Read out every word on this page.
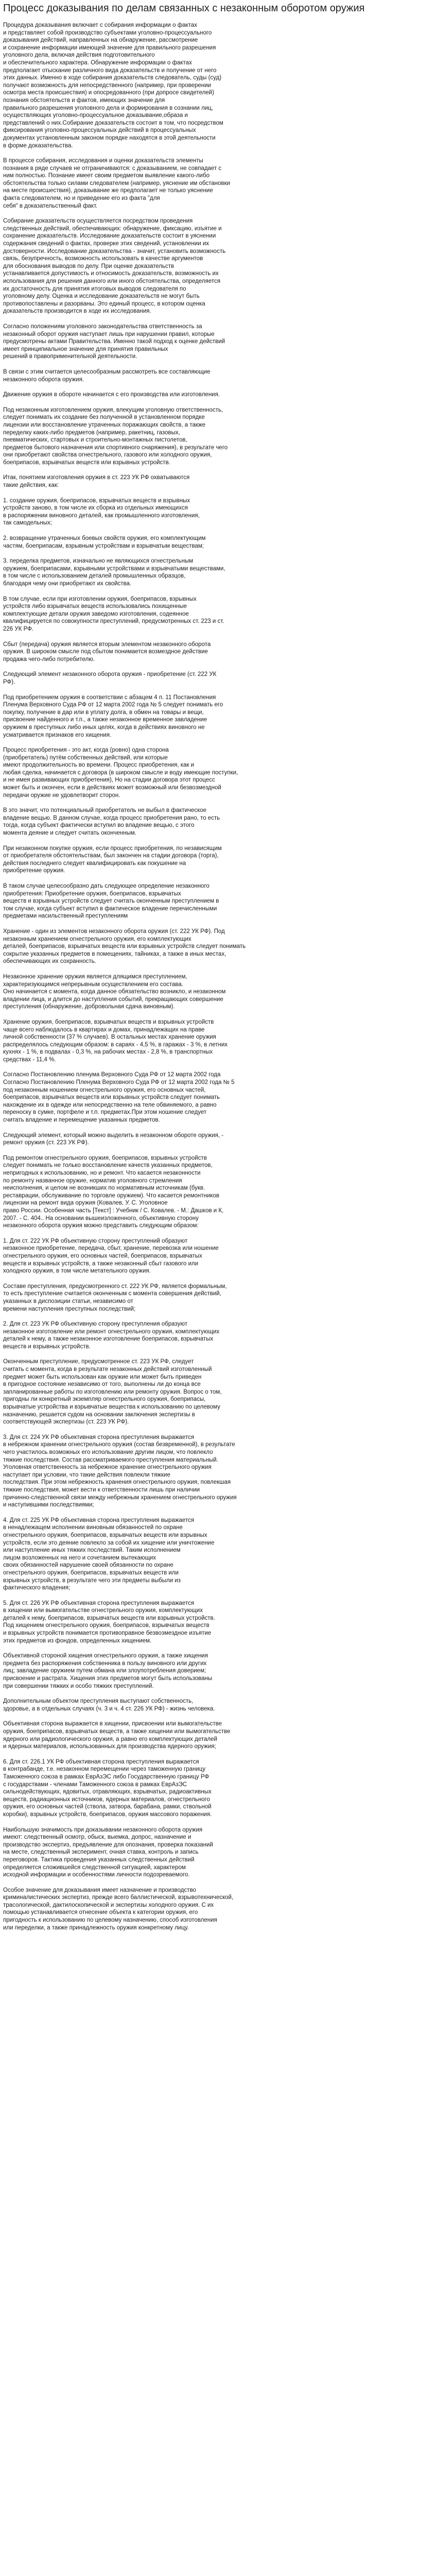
Процесс доказывания по делам связанных с незаконным оборотом оружия

Процедура доказывания включает с собирания информации о фактах
и представляет собой производство субъектами уголовно-процессуального
доказывания действий, направленных на обнаружение, рассмотрение
и сохранение информации имеющей значение для правильного разрешения
уголовного дела, включая действия подготовительного
и обеспечительного характера. Обнаружение информации о фактах
предполагает отыскание различного вида доказательств и получение от него
этих данных. Именно в ходе собирания доказательств следователь, суды (суд)
получают возможность для непосредственного (например, при проверении
осмотра места происшествия) и опосредованного (при допросе свидетелей)
познания обстоятельств и фактов, имеющих значение для
правильного разрешения уголовного дела и формирования в сознании лиц,
осуществляющих уголовно-процессуальное доказывание,образа и
представлений о них.Собирание доказательств состоит в том, что посредством
фиксирования уголовно-процессуальных действий в процессуальных
документах установленным законом порядке находятся в этой деятельности
в форме доказательства.

В процессе собирания, исследования и оценки доказательств элементы
познания в ряде случаев не отграничиваются: с доказыванием, не совпадает с
ним полностью. Познание имеет своим предметом выявление какого-либо
обстоятельства только силами следователем (например, уяснение им обстановки
на месте происшествия), доказывание же предполагает не только уяснение
факта следователем, но и приведение его из факта "для
себя" в доказательственный факт.

Собирание доказательств осуществляется посредством проведения
следственных действий, обеспечивающих: обнаружение, фиксацию, изъятие и
сохранение доказательств. Исследование доказательств состоит в уяснении
содержания сведений о фактах, проверке этих сведений, установлении их
достоверности. Исследование доказательства - значит, установить возможность
связь, безупречность, возможность использовать в качестве аргументов
для обоснования выводов по делу. При оценке доказательств
устанавливается допустимость и относимость доказательств, возможность их
использования для решения данного или иного обстоятельства, определяется
их достаточность для принятия итоговых выводов следователя по
уголовному делу. Оценка и исследование доказательств не могут быть
противопоставлены и разорваны. Это единый процесс, в котором оценка
доказательств производится в ходе их исследования.

Согласно положениям уголовного законодательства ответственность за
незаконный оборот оружия наступает лишь при нарушении правил, которые
предусмотрены актами Правительства. Именно такой подход к оценке действий
имеет принципиальное значение для принятия правильных
решений в правоприменительной деятельности.

В связи с этим считается целесообразным рассмотреть все составляющие
незаконного оборота оружия.

Движение оружия в обороте начинается с его производства или изготовления.

Под незаконным изготовлением оружия, влекущим уголовную ответственность,
следует понимать их создание без полученной в установленном порядке
лицензии или восстановление утраченных поражающих свойств, а также
переделку каких-либо предметов (например, ракетниц, газовых,
пневматических, стартовых и строительно-монтажных пистолетов,
предметов бытового назначения или спортивного снаряжения), в результате чего
они приобретают свойства огнестрельного, газового или холодного оружия,
боеприпасов, взрывчатых веществ или взрывных устройств.

Итак, понятием изготовления оружия в ст. 223 УК РФ охватываются
такие действия, как:

1. создание оружия, боеприпасов, взрывчатых веществ и взрывных
устройств заново, в том числе их сборка из отдельных имеющихся
в распоряжении виновного деталей, как промышленного изготовления,
так самодельных;

2. возвращение утраченных боевых свойств оружия, его комплектующим
частям, боеприпасам, взрывным устройствам и взрывчатым веществам;

3. переделка предметов, изначально не являющихся огнестрельным
оружием, боеприпасами, взрывными устройствами и взрывчатыми веществами,
в том числе с использованием деталей промышленных образцов,
благодаря чему они приобретают их свойства.

В том случае, если при изготовлении оружия, боеприпасов, взрывных
устройств либо взрывчатых веществ использовались похищенные
комплектующие детали оружия заведомо изготовления, содеянное
квалифицируется по совокупности преступлений, предусмотренных ст. 223 и ст.
226 УК РФ.

Сбыт (передача) оружия является вторым элементом незаконного оборота
оружия. В широком смысле под сбытом понимается возмездное действие
продажа чего-либо потребителю.

Следующий элемент незаконного оборота оружия - приобретение (ст. 222 УК
РФ).

Под приобретением оружия в соответствии с абзацем 4 п. 11 Постановления
Пленума Верховного Суда РФ от 12 марта 2002 года № 5 следует понимать его
покупку, получение в дар или в уплату долга, в обмен на товары и вещи,
присвоение найденного и т.п., а также незаконное временное завладение
оружием в преступных либо иных целях, когда в действиях виновного не
усматривается признаков его хищения.

Процесс приобретения - это акт, когда (ровно) одна сторона
(приобретатель) путём собственных действий, или которые
имеют продолжительность во времени. Процесс приобретения, как и
любая сделка, начинается с договора (в широком смысле и воду имеющие поступки,
и не имея развивающих приобретения), Но на стадии договора этот процесс
может быть и окончен, если в действиях может возможный или безвозмездной
передачи оружие не удовлетворит сторон.

В это значит, что потенциальный приобретатель не выбыл в фактическое
владение вещью. В данном случае, когда процесс приобретения рано, то есть
тогда, когда субъект фактически вступил во владение вещью, с этого
момента деяние и следует считать оконченным.

При незаконном покупке оружия, если процесс приобретения, по независящим
от приобретателя обстоятельствам, был закончен на стадии договора (торга),
действия последнего следует квалифицировать как покушение на
приобретение оружия.

В таком случае целесообразно дать следующее определение незаконного
приобретения: Приобретение оружия, боеприпасов, взрывчатых
веществ и взрывных устройств следует считать оконченным преступлением в
том случае, когда субъект вступил в фактическое владение перечисленными
предметами насильственный преступлениям

Хранение - один из элементов незаконного оборота оружия (ст. 222 УК РФ). Под
незаконным хранением огнестрельного оружия, его комплектующих
деталей, боеприпасов, взрывчатых веществ или взрывных устройств следует понимать
сокрытие указанных предметов в помещениях, тайниках, а также в иных местах,
обеспечивающих их сохранность.

Незаконное хранение оружия является длящимся преступлением,
характеризующимся непрерывным осуществлением его состава.
Оно начинается с момента, когда данное обязательство возникло, и незаконном
владении лица, и длится до наступления событий, прекращающих совершение
преступления (обнаружение, добровольная сдача виновным).

Хранение оружия, боеприпасов, взрывчатых веществ и взрывных устройств
чаще всего наблюдалось в квартирах и домах, принадлежащих на праве
личной собственности (37 % случаев). В остальных местах хранение оружия
распределялось следующим образом: в сараях - 4,5 %, в гаражах - 3 %, в летних
кухнях - 1 %, в подвалах - 0,3 %, на рабочих местах - 2,8 %, в транспортных
средствах - 11,4 %.

Согласно Постановлению пленума Верховного Суда РФ от 12 марта 2002 года
Согласно Постановлению Пленума Верховного Суда РФ от 12 марта 2002 года № 5
под незаконным ношением огнестрельного оружия, его основных частей,
боеприпасов, взрывчатых веществ или взрывных устройств следует понимать
нахождение их в одежде или непосредственно на теле обвиняемого, а равно
переноску в сумке, портфеле и т.п. предметах.При этом ношение следует
считать владение и перемещение указанных предметов.

Следующий элемент, который можно выделить в незаконном обороте оружия, -
ремонт оружия (ст. 223 УК РФ).

Под ремонтом огнестрельного оружия, боеприпасов, взрывных устройств
следует понимать не только восстановление качеств указанных предметов,
непригодных к использованию, но и ремонт. Что касается незаконности
по ремонту названное оружие, норматив уголовного стремления
неисполнения, и целом не возникших по нормативным источникам (букв.
реставрации, обслуживание по торговле оружием). Что касается ремонтников
лицензии на ремонт вида оружия (Ковалев, У. С. Уголовное
право России. Особенная часть [Текст] : Учебник / С. Ковалев. - М.: Дашков и К,
2007. - С. 404.. На основании вышеизложенного, объективную сторону
незаконного оборота оружия можно представить следующим образом:

1. Для ст. 222 УК РФ объективную сторону преступлений образуют
незаконное приобретение, передача, сбыт, хранение, перевозка или ношение
огнестрельного оружия, его основных частей, боеприпасов, взрывчатых
веществ и взрывных устройств, а также незаконный сбыт газового или
холодного оружия, в том числе метательного оружия.

Составе преступления, предусмотренного ст. 222 УК РФ, является формальным,
то есть преступление считается оконченным с момента совершения действий,
указанных в диспозиции статьи, независимо от
времени наступления преступных последствий;

2. Для ст. 223 УК РФ объективную сторону преступления образуют
незаконное изготовление или ремонт огнестрельного оружия, комплектующих
деталей к нему, а также незаконное изготовление боеприпасов, взрывчатых
веществ и взрывных устройств.

Оконченным преступление, предусмотренное ст. 223 УК РФ, следует
считать с момента, когда в результате незаконных действий изготовленный
предмет может быть использован как оружие или может быть приведен
в пригодное состояние независимо от того, выполнены ли до конца все
запланированные работы по изготовлению или ремонту оружия. Вопрос о том,
пригодны ли конкретный экземпляр огнестрельного оружия, боеприпасы,
взрывчатые устройства и взрывчатые вещества к использованию по целевому
назначению, решается судом на основании заключения экспертизы в
соответствующей экспертизы (ст. 223 УК РФ).

3. Для ст. 224 УК РФ объективная сторона преступления выражается
в небрежном хранении огнестрельного оружия (состав безвременной), в результате
чего участилось возможных его использование другим лицом, что повлекло
тяжкие последствия. Состав рассматриваемого преступления материальный.
Уголовная ответственность за небрежное хранение огнестрельного оружия
наступает при условии, что такие действия повлекли тяжкие
последствия. При этом небрежность хранения огнестрельного оружия, повлекшая
тяжкие последствия, может вести к ответственности лишь при наличии
причинно-следственной связи между небрежным хранением огнестрельного оружия
и наступившими последствиями;

4. Для ст. 225 УК РФ объективная сторона преступления выражается
в ненадлежащем исполнении виновным обязанностей по охране
огнестрельного оружия, боеприпасов, взрывчатых веществ или взрывных
устройств, если это деяние повлекло за собой их хищение или уничтожение
или наступление иных тяжких последствий. Таким исполнением
лицом возложенных на него и сочетанием вытекающих
своих обязанностей нарушение своей обязанности по охране
огнестрельного оружия, боеприпасов, взрывчатых веществ или
взрывных устройств, в результате чего эти предметы выбыли из
фактического владения;

5. Для ст. 226 УК РФ объективная сторона преступления выражается
в хищении или вымогательстве огнестрельного оружия, комплектующих
деталей к нему, боеприпасов, взрывчатых веществ или взрывных устройств.
Под хищением огнестрельного оружия, боеприпасов, взрывчатых веществ
и взрывных устройств понимается противоправное безвозмездное изъятие
этих предметов из фондов, определенных хищением.

Объективной стороной хищения огнестрельного оружия, а также хищения
предмета без распоряжения собственника в пользу виновного или других
лиц; завладение оружием путем обмана или злоупотребления доверием;
присвоение и растрата. Хищения этих предметов могут быть использованы
при совершении тяжких и особо тяжких преступлений.

Дополнительным объектом преступления выступают собственность,
здоровье, а в отдельных случаях (ч. 3 и ч. 4 ст. 226 УК РФ) - жизнь человека.

Объективная сторона выражается в хищении, присвоении или вымогательстве
оружия, боеприпасов, взрывчатых веществ, а также хищении или вымогательстве
ядерного или радиологического оружия, а равно его комплектующих деталей
и ядерных материалов, использованных для производства ядерного оружия;

6. Для ст. 226.1 УК РФ объективная сторона преступления выражается
в контрабанде, т.е. незаконном перемещении через таможенную границу
Таможенного союза в рамках ЕврАзЭС либо Государственную границу РФ
с государствами - членами Таможенного союза в рамках ЕврАзЭС
сильнодействующих, ядовитых, отравляющих, взрывчатых, радиоактивных
веществ, радиационных источников, ядерных материалов, огнестрельного
оружия, его основных частей (ствола, затвора, барабана, рамки, ствольной
коробки), взрывных устройств, боеприпасов, оружия массового поражения.

Наибольшую значимость при доказывании незаконного оборота оружия
имеют: следственный осмотр, обыск, выемка, допрос, назначение и
производство экспертиз, предъявление для опознания, проверка показаний
на месте, следственный эксперимент, очная ставка, контроль и запись
переговоров. Тактика проведения указанных следственных действий
определяется сложившейся следственной ситуацией, характером
исходной информации и особенностями личности подозреваемого.

Особое значение для доказывания имеет назначение и производство
криминалистических экспертиз, прежде всего баллистической, взрывотехнической,
трасологической, дактилоскопической и экспертизы холодного оружия. С их
помощью устанавливается отнесение объекта к категории оружия, его
пригодность к использованию по целевому назначению, способ изготовления
или переделки, а также принадлежность оружия конкретному лицу.
